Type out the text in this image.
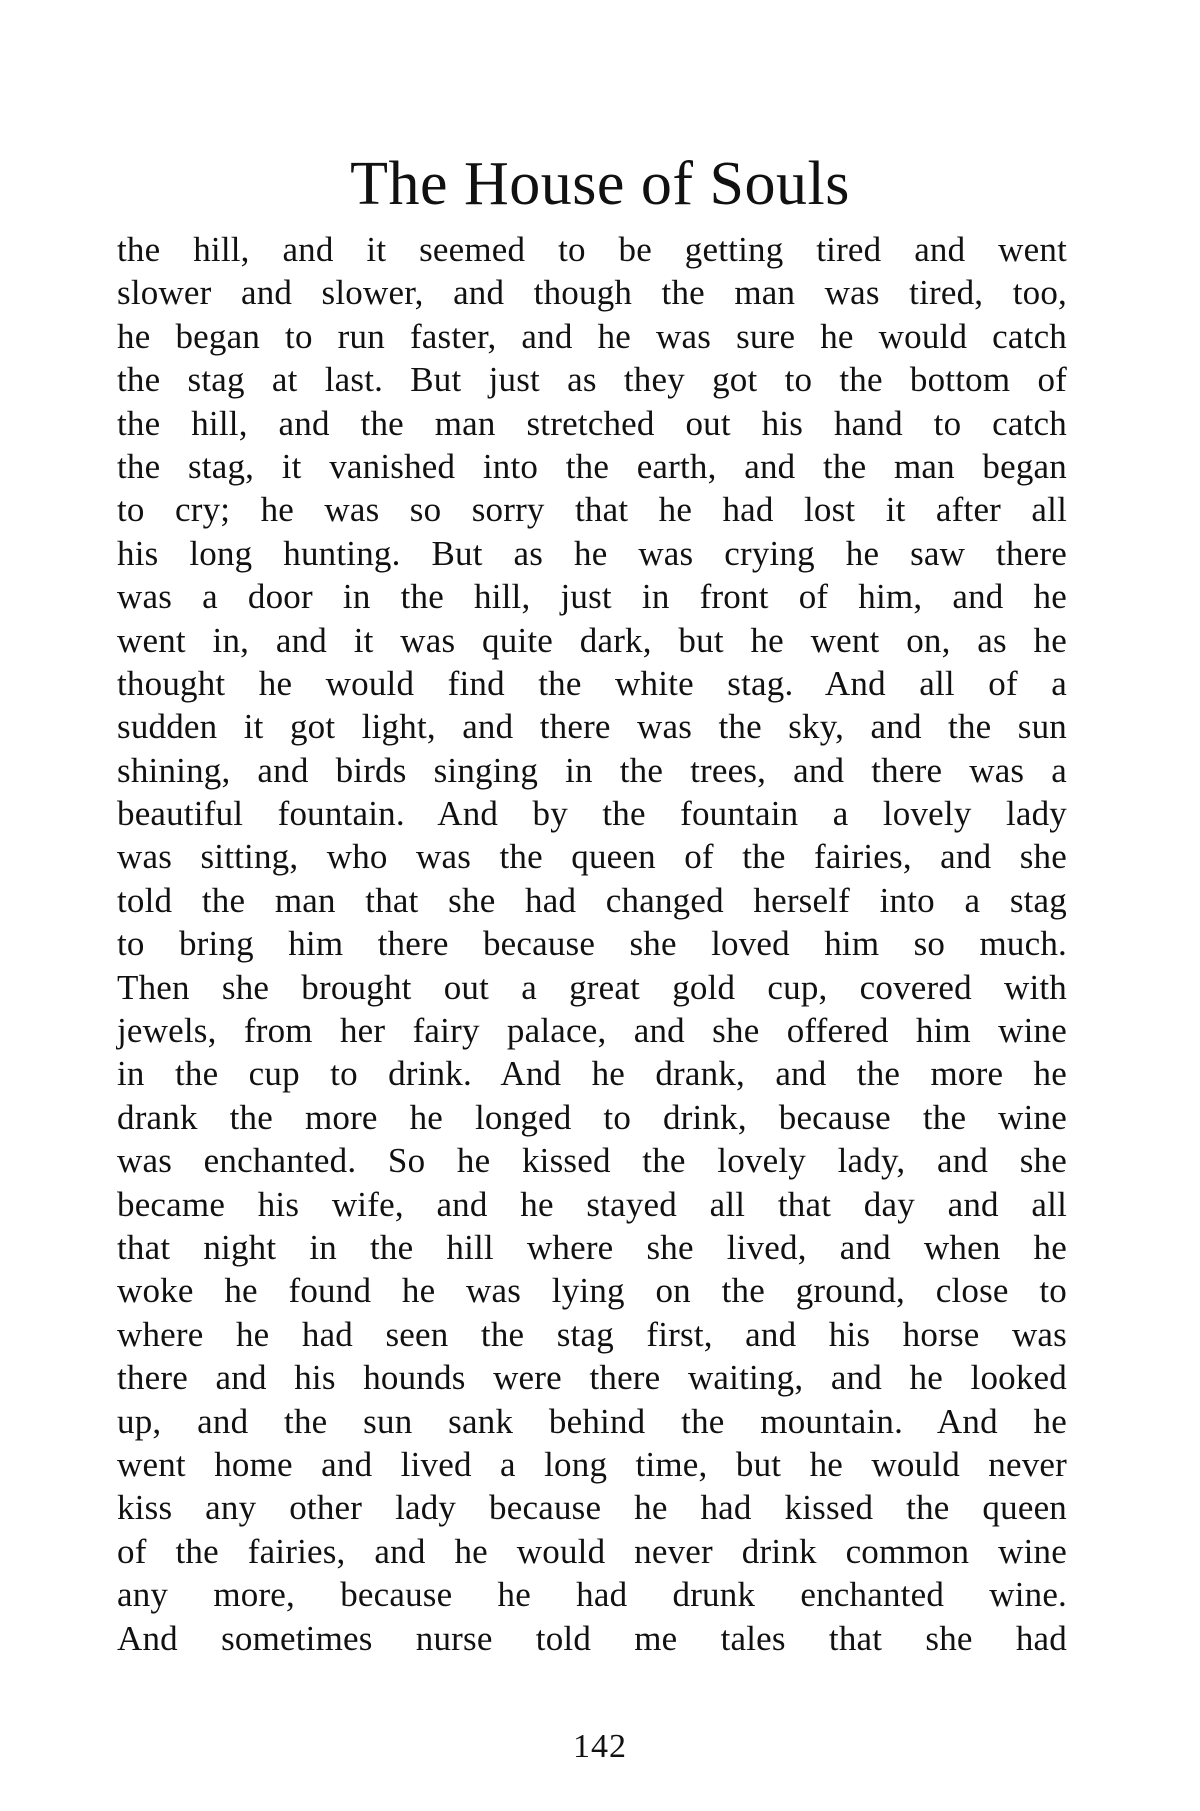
The House of Souls
the hill, and it seemed to be getting tired and went
slower and slower, and though the man was tired, too,
he began to run faster, and he was sure he would catch
the stag at last. But just as they got to the bottom of
the hill, and the man stretched out his hand to catch
the stag, it vanished into the earth, and the man began
to cry; he was so sorry that he had lost it after all
his long hunting. But as he was crying he saw there
was a door in the hill, just in front of him, and he
went in, and it was quite dark, but he went on, as he
thought he would find the white stag. And all of a
sudden it got light, and there was the sky, and the sun
shining, and birds singing in the trees, and there was a
beautiful fountain. And by the fountain a lovely lady
was sitting, who was the queen of the fairies, and she
told the man that she had changed herself into a stag
to bring him there because she loved him so much.
Then she brought out a great gold cup, covered with
jewels, from her fairy palace, and she offered him wine
in the cup to drink. And he drank, and the more he
drank the more he longed to drink, because the wine
was enchanted. So he kissed the lovely lady, and she
became his wife, and he stayed all that day and all
that night in the hill where she lived, and when he
woke he found he was lying on the ground, close to
where he had seen the stag first, and his horse was
there and his hounds were there waiting, and he looked
up, and the sun sank behind the mountain. And he
went home and lived a long time, but he would never
kiss any other lady because he had kissed the queen
of the fairies, and he would never drink common wine
any more, because he had drunk enchanted wine.
And sometimes nurse told me tales that she had
142
